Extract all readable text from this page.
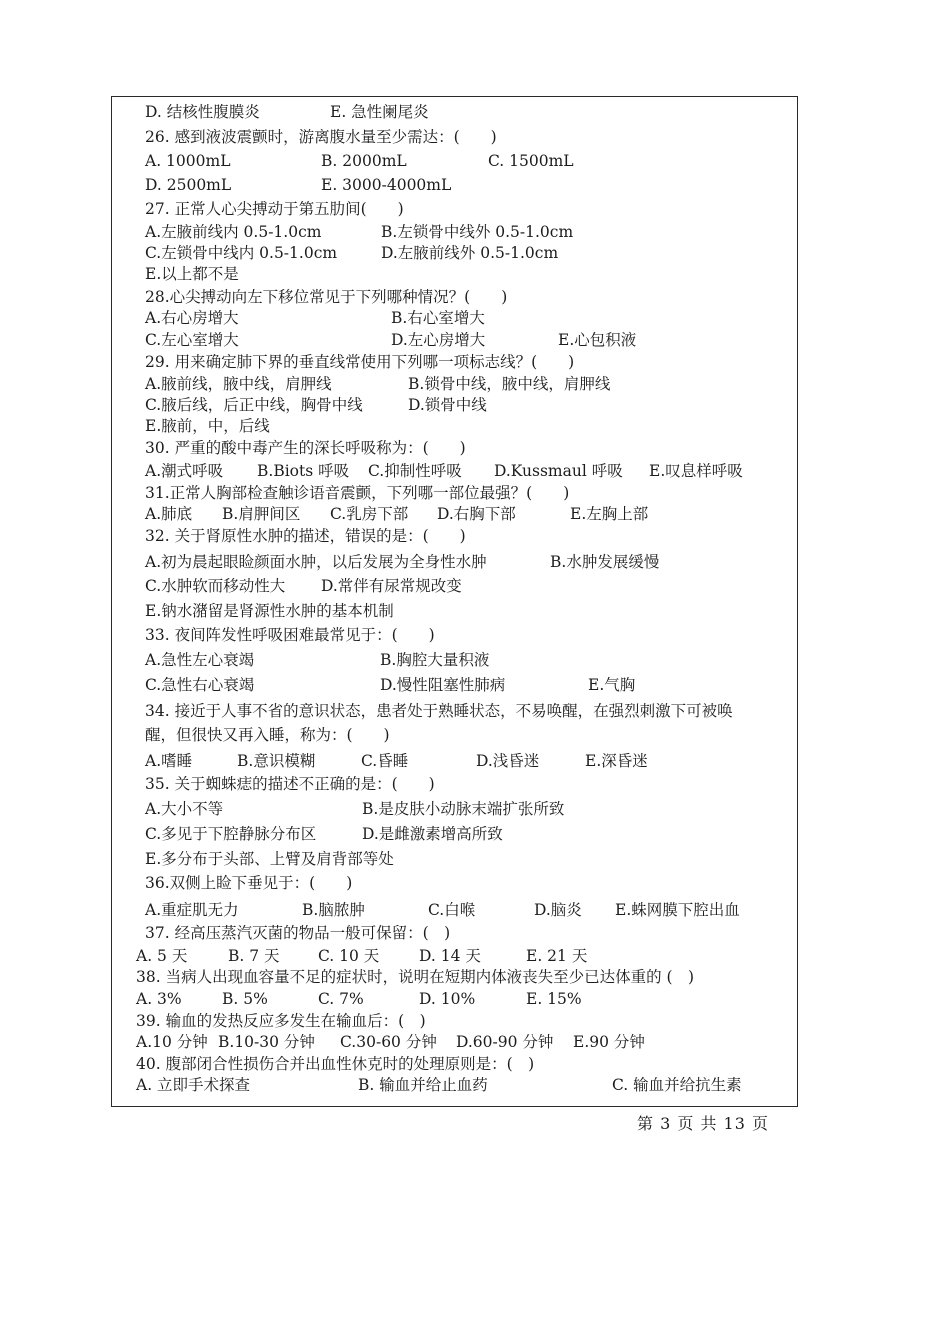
D. 结核性腹膜炎	E. 急性阑尾炎
26. 感到液波震颤时，游离腹水量至少需达：(　　)
A. 1000mL	B. 2000mL	C. 1500mL
D. 2500mL	E. 3000-4000mL
27. 正常人心尖搏动于第五肋间(　　)
A.左腋前线内 0.5-1.0cm	B.左锁骨中线外 0.5-1.0cm
C.左锁骨中线内 0.5-1.0cm	D.左腋前线外 0.5-1.0cm
E.以上都不是
28.心尖搏动向左下移位常见于下列哪种情况？(　　)
A.右心房增大	B.右心室增大
C.左心室增大	D.左心房增大	E.心包积液
29. 用来确定肺下界的垂直线常使用下列哪一项标志线？(　　)
A.腋前线，腋中线，肩胛线	B.锁骨中线，腋中线，肩胛线
C.腋后线，后正中线，胸骨中线	D.锁骨中线
E.腋前，中，后线
30. 严重的酸中毒产生的深长呼吸称为：(　　)
A.潮式呼吸 B.Biots 呼吸 C.抑制性呼吸 D.Kussmaul 呼吸 E.叹息样呼吸
31.正常人胸部检查触诊语音震颤，下列哪一部位最强？(　　)
A.肺底 B.肩胛间区 C.乳房下部 D.右胸下部	E.左胸上部
32. 关于肾原性水肿的描述，错误的是：(　　)
A.初为晨起眼睑颜面水肿，以后发展为全身性水肿	B.水肿发展缓慢
C.水肿软而移动性大 D.常伴有尿常规改变
E.钠水潴留是肾源性水肿的基本机制
33. 夜间阵发性呼吸困难最常见于：(　　)
A.急性左心衰竭	B.胸腔大量积液
C.急性右心衰竭	D.慢性阻塞性肺病	E.气胸
34. 接近于人事不省的意识状态，患者处于熟睡状态，不易唤醒，在强烈刺激下可被唤
醒，但很快又再入睡，称为：(　　)
A.嗜睡	B.意识模糊	C.昏睡	D.浅昏迷	E.深昏迷
35. 关于蜘蛛痣的描述不正确的是：(　　)
A.大小不等	B.是皮肤小动脉末端扩张所致
C.多见于下腔静脉分布区	D.是雌激素增高所致
E.多分布于头部、上臂及肩背部等处
36.双侧上睑下垂见于：(　　)
A.重症肌无力	B.脑脓肿	C.白喉	D.脑炎 E.蛛网膜下腔出血
37. 经高压蒸汽灭菌的物品一般可保留：(　)
A. 5 天	B. 7 天 C. 10 天	D. 14 天	E. 21 天
38. 当病人出现血容量不足的症状时，说明在短期内体液丧失至少已达体重的 (　)
A. 3%	B. 5%	C. 7%	D. 10%	E. 15%
39. 输血的发热反应多发生在输血后：(　)
A.10 分钟 B.10-30 分钟 C.30-60 分钟 D.60-90 分钟 E.90 分钟
40. 腹部闭合性损伤合并出血性休克时的处理原则是：(　)
A. 立即手术探查	B. 输血并给止血药	C. 输血并给抗生素
第 3 页 共 13 页
